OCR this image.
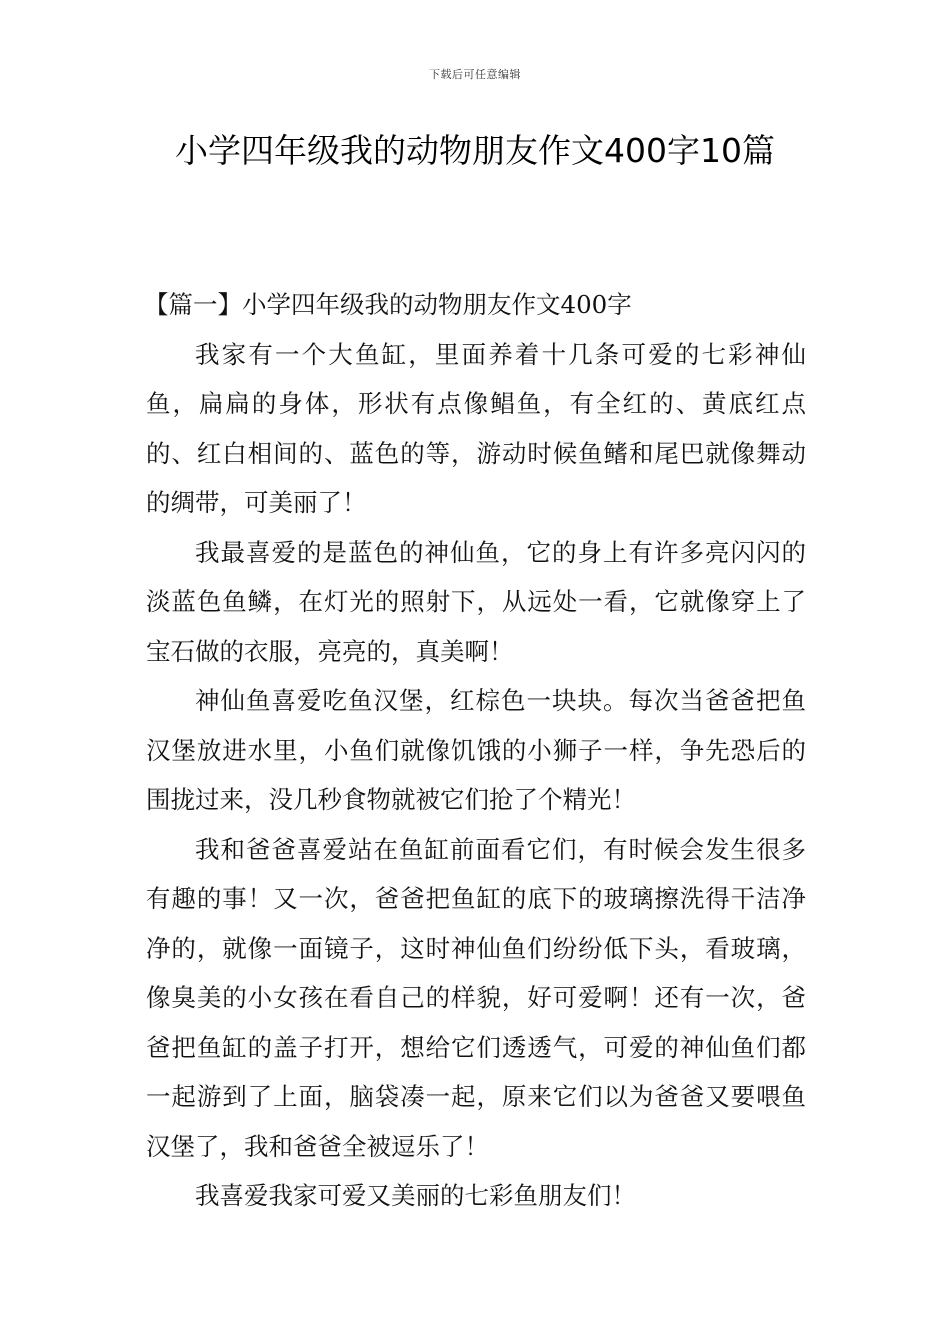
下载后可任意编辑
小学四年级我的动物朋友作文400字10篇

【篇一】小学四年级我的动物朋友作文400字

我家有一个大鱼缸，里面养着十几条可爱的七彩神仙鱼，扁扁的身体，形状有点像鲳鱼，有全红的、黄底红点的、红白相间的、蓝色的等，游动时候鱼鳍和尾巴就像舞动的绸带，可美丽了！

我最喜爱的是蓝色的神仙鱼，它的身上有许多亮闪闪的淡蓝色鱼鳞，在灯光的照射下，从远处一看，它就像穿上了宝石做的衣服，亮亮的，真美啊！

神仙鱼喜爱吃鱼汉堡，红棕色一块块。每次当爸爸把鱼汉堡放进水里，小鱼们就像饥饿的小狮子一样，争先恐后的围拢过来，没几秒食物就被它们抢了个精光！

我和爸爸喜爱站在鱼缸前面看它们，有时候会发生很多有趣的事！又一次，爸爸把鱼缸的底下的玻璃擦洗得干洁净净的，就像一面镜子，这时神仙鱼们纷纷低下头，看玻璃，像臭美的小女孩在看自己的样貌，好可爱啊！还有一次，爸爸把鱼缸的盖子打开，想给它们透透气，可爱的神仙鱼们都一起游到了上面，脑袋凑一起，原来它们以为爸爸又要喂鱼汉堡了，我和爸爸全被逗乐了！

我喜爱我家可爱又美丽的七彩鱼朋友们！
